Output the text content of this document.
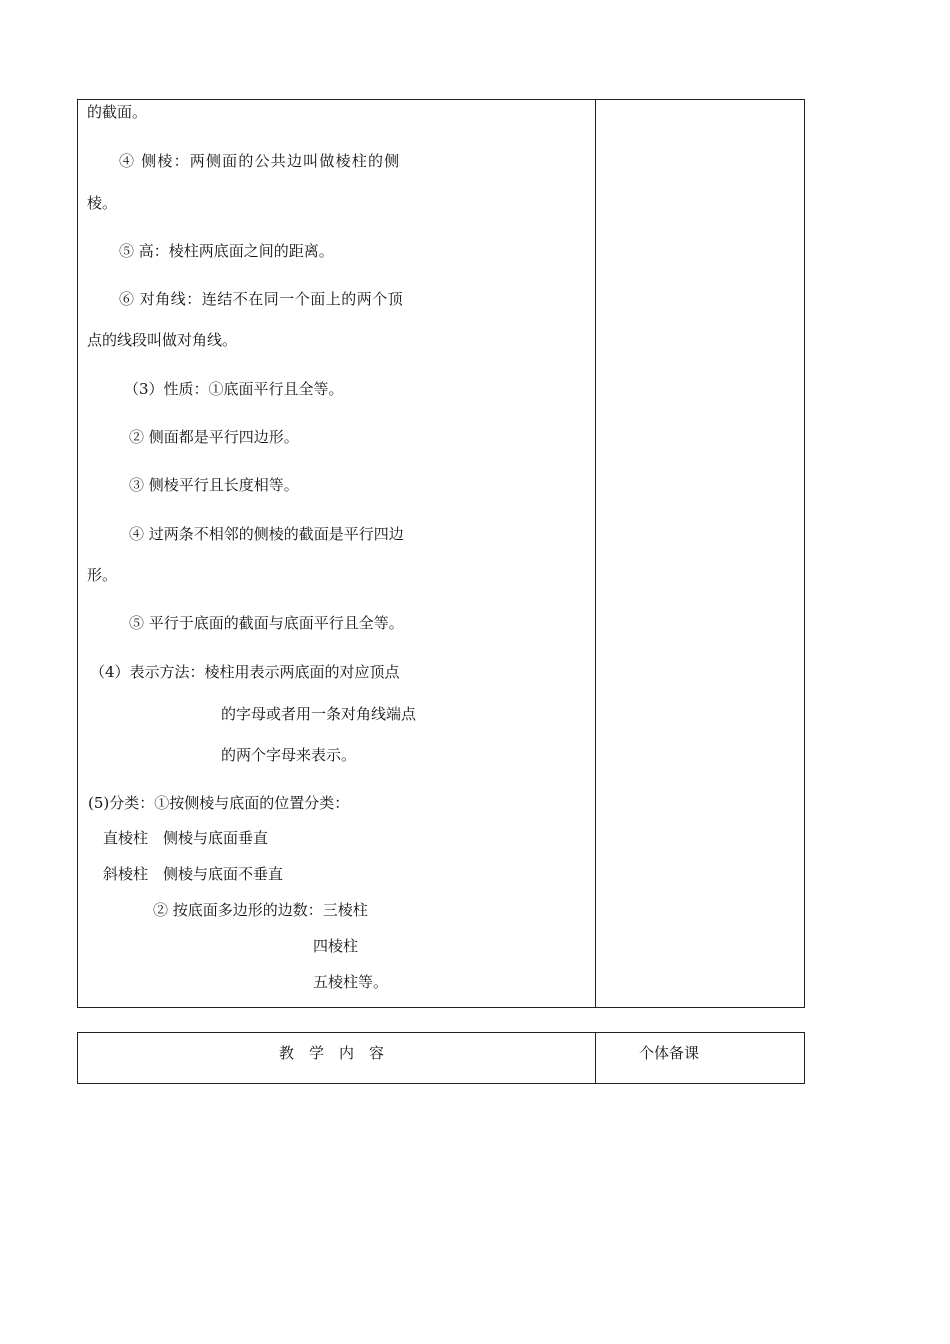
的截面。
④ 侧棱：两侧面的公共边叫做棱柱的侧
棱。
⑤ 高：棱柱两底面之间的距离。
⑥ 对角线：连结不在同一个面上的两个顶
点的线段叫做对角线。
（3）性质：①底面平行且全等。
② 侧面都是平行四边形。
③ 侧棱平行且长度相等。
④ 过两条不相邻的侧棱的截面是平行四边
形。
⑤ 平行于底面的截面与底面平行且全等。
（4）表示方法：棱柱用表示两底面的对应顶点
的字母或者用一条对角线端点
的两个字母来表示。
(5)分类：①按侧棱与底面的位置分类：
直棱柱　侧棱与底面垂直
斜棱柱　侧棱与底面不垂直
② 按底面多边形的边数：三棱柱
四棱柱
五棱柱等。
教　学　内　容	个体备课
